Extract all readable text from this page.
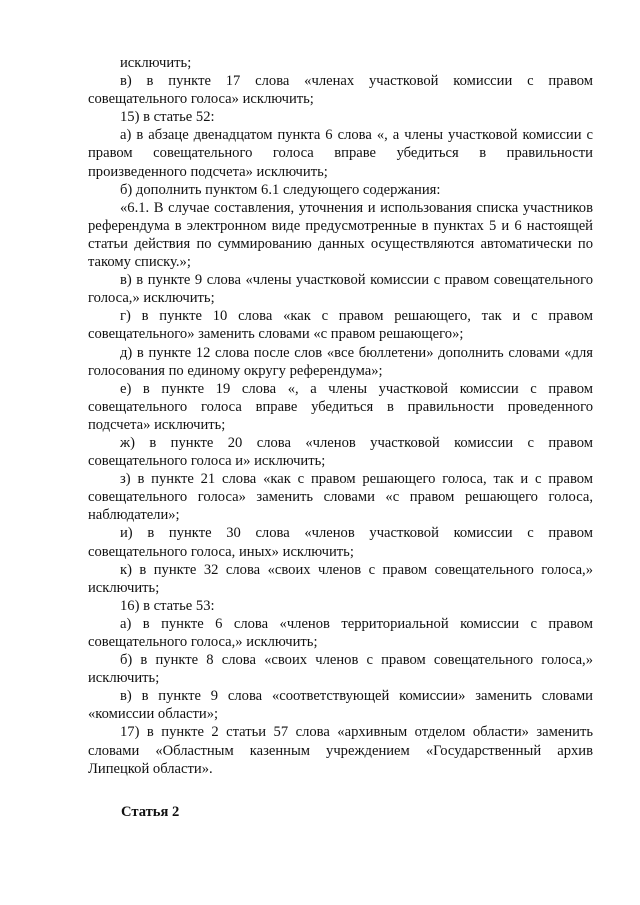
исключить;

в) в пункте 17 слова «членах участковой комиссии с правом совещательного голоса» исключить;

15) в статье 52:

а) в абзаце двенадцатом пункта 6 слова «, а члены участковой комиссии с правом совещательного голоса вправе убедиться в правильности произведенного подсчета» исключить;

б) дополнить пунктом 6.1 следующего содержания:

«6.1. В случае составления, уточнения и использования списка участников референдума в электронном виде предусмотренные в пунктах 5 и 6 настоящей статьи действия по суммированию данных осуществляются автоматически по такому списку.»;

в) в пункте 9 слова «члены участковой комиссии с правом совещательного голоса,» исключить;

г) в пункте 10 слова «как с правом решающего, так и с правом совещательного» заменить словами «с правом решающего»;

д) в пункте 12 слова после слов «все бюллетени» дополнить словами «для голосования по единому округу референдума»;

е) в пункте 19 слова «, а члены участковой комиссии с правом совещательного голоса вправе убедиться в правильности проведенного подсчета» исключить;

ж) в пункте 20 слова «членов участковой комиссии с правом совещательного голоса и» исключить;

з) в пункте 21 слова «как с правом решающего голоса, так и с правом совещательного голоса» заменить словами «с правом решающего голоса, наблюдатели»;

и) в пункте 30 слова «членов участковой комиссии с правом совещательного голоса, иных» исключить;

к) в пункте 32 слова «своих членов с правом совещательного голоса,» исключить;

16) в статье 53:

а) в пункте 6 слова «членов территориальной комиссии с правом совещательного голоса,» исключить;

б) в пункте 8 слова «своих членов с правом совещательного голоса,» исключить;

в) в пункте 9 слова «соответствующей комиссии» заменить словами «комиссии области»;

17) в пункте 2 статьи 57 слова «архивным отделом области» заменить словами «Областным казенным учреждением «Государственный архив Липецкой области».

Статья 2
